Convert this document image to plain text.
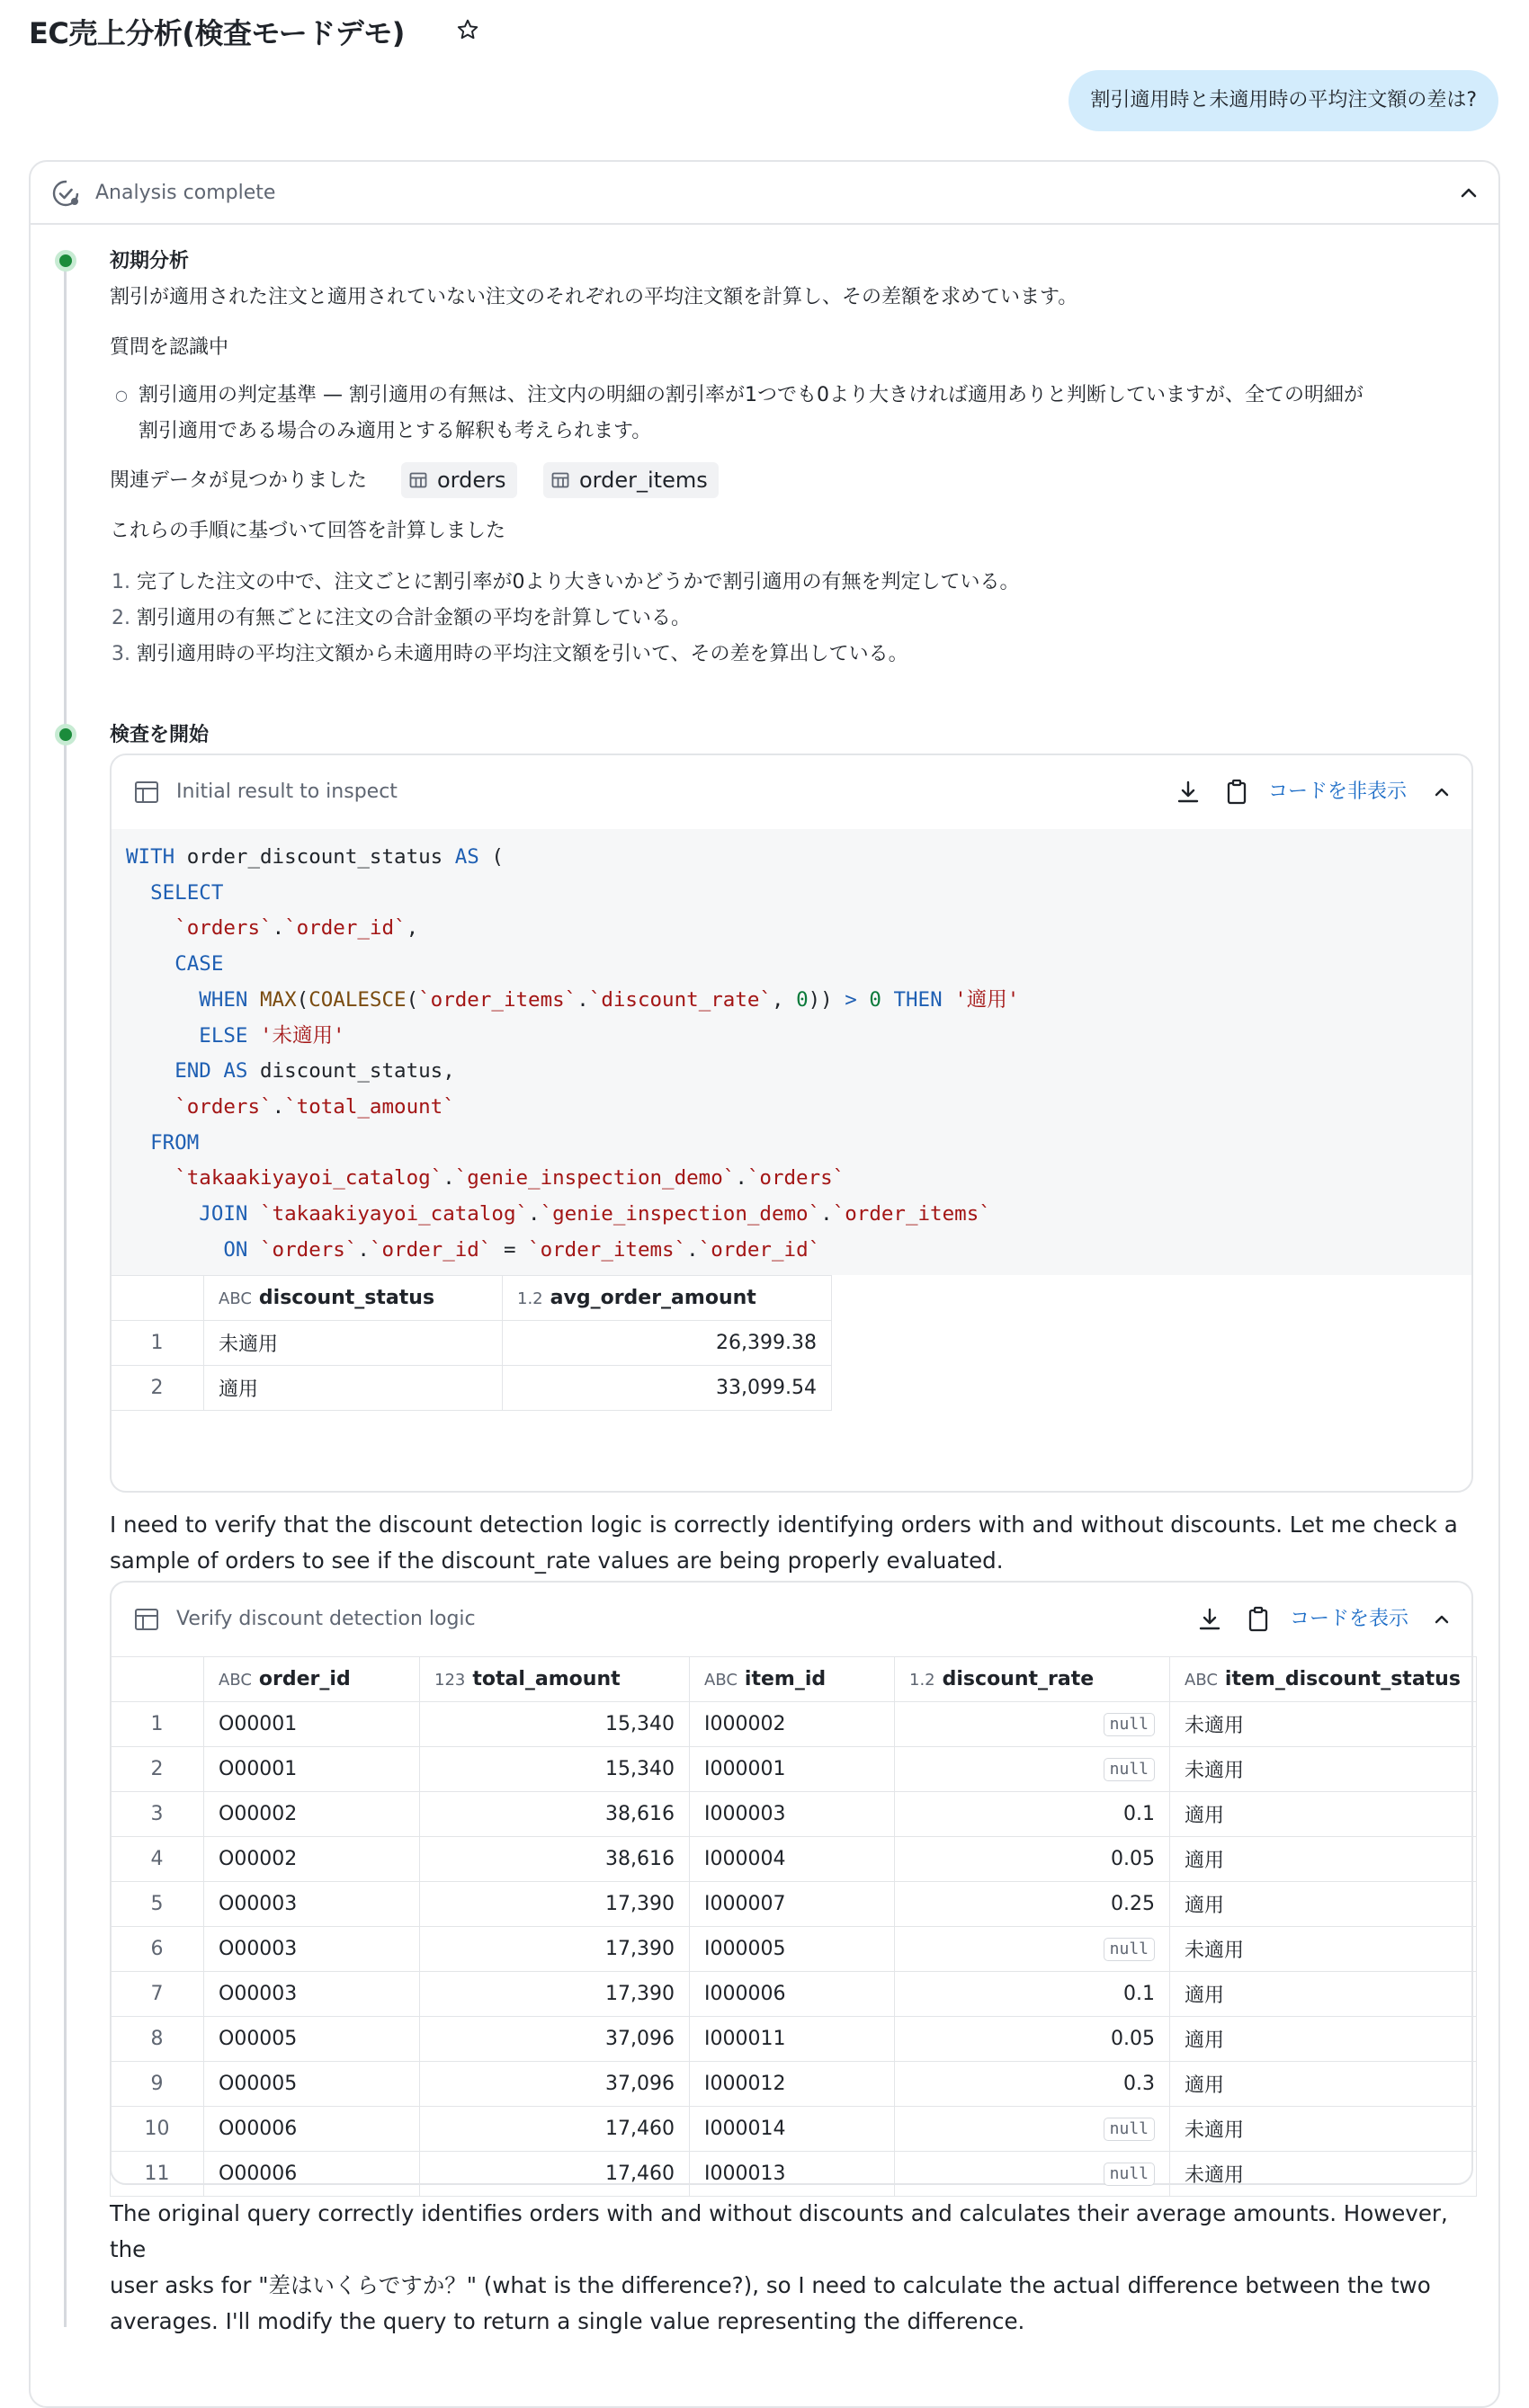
EC売上分析(検査モードデモ)
割引適用時と未適用時の平均注文額の差は?
Analysis complete
初期分析
割引が適用された注文と適用されていない注文のそれぞれの平均注文額を計算し、その差額を求めています。
質問を認識中
○ 割引適用の判定基準 — 割引適用の有無は、注文内の明細の割引率が1つでも0より大きければ適用ありと判断していますが、全ての明細が
割引適用である場合のみ適用とする解釈も考えられます。
関連データが見つかりました	orders	order_items
これらの手順に基づいて回答を計算しました
1. 完了した注文の中で、注文ごとに割引率が0より大きいかどうかで割引適用の有無を判定している。
2. 割引適用の有無ごとに注文の合計金額の平均を計算している。
3. 割引適用時の平均注文額から未適用時の平均注文額を引いて、その差を算出している。
検査を開始
Initial result to inspect	コードを非表示
WITH order_discount_status AS (
SELECT
`orders`.`order_id`,
CASE
WHEN MAX(COALESCE(`order_items`.`discount_rate`, 0)) > 0 THEN '適用'
ELSE '未適用'
END AS discount_status,
`orders`.`total_amount`
FROM
`takaakiyayoi_catalog`.`genie_inspection_demo`.`orders`
JOIN `takaakiyayoi_catalog`.`genie_inspection_demo`.`order_items`
ON `orders`.`order_id` = `order_items`.`order_id`
	ABC discount_status	1.2 avg_order_amount
1	未適用	26,399.38
2	適用	33,099.54
I need to verify that the discount detection logic is correctly identifying orders with and without discounts. Let me check a
sample of orders to see if the discount_rate values are being properly evaluated.
Verify discount detection logic	コードを表示
	ABC order_id	123 total_amount	ABC item_id	1.2 discount_rate	ABC item_discount_status
1	O00001	15,340	I000002	null	未適用
2	O00001	15,340	I000001	null	未適用
3	O00002	38,616	I000003	0.1	適用
4	O00002	38,616	I000004	0.05	適用
5	O00003	17,390	I000007	0.25	適用
6	O00003	17,390	I000005	null	未適用
7	O00003	17,390	I000006	0.1	適用
8	O00005	37,096	I000011	0.05	適用
9	O00005	37,096	I000012	0.3	適用
10	O00006	17,460	I000014	null	未適用
11	O00006	17,460	I000013	null	未適用
The original query correctly identifies orders with and without discounts and calculates their average amounts. However, the
user asks for "差はいくらですか？" (what is the difference?), so I need to calculate the actual difference between the two
averages. I'll modify the query to return a single value representing the difference.
